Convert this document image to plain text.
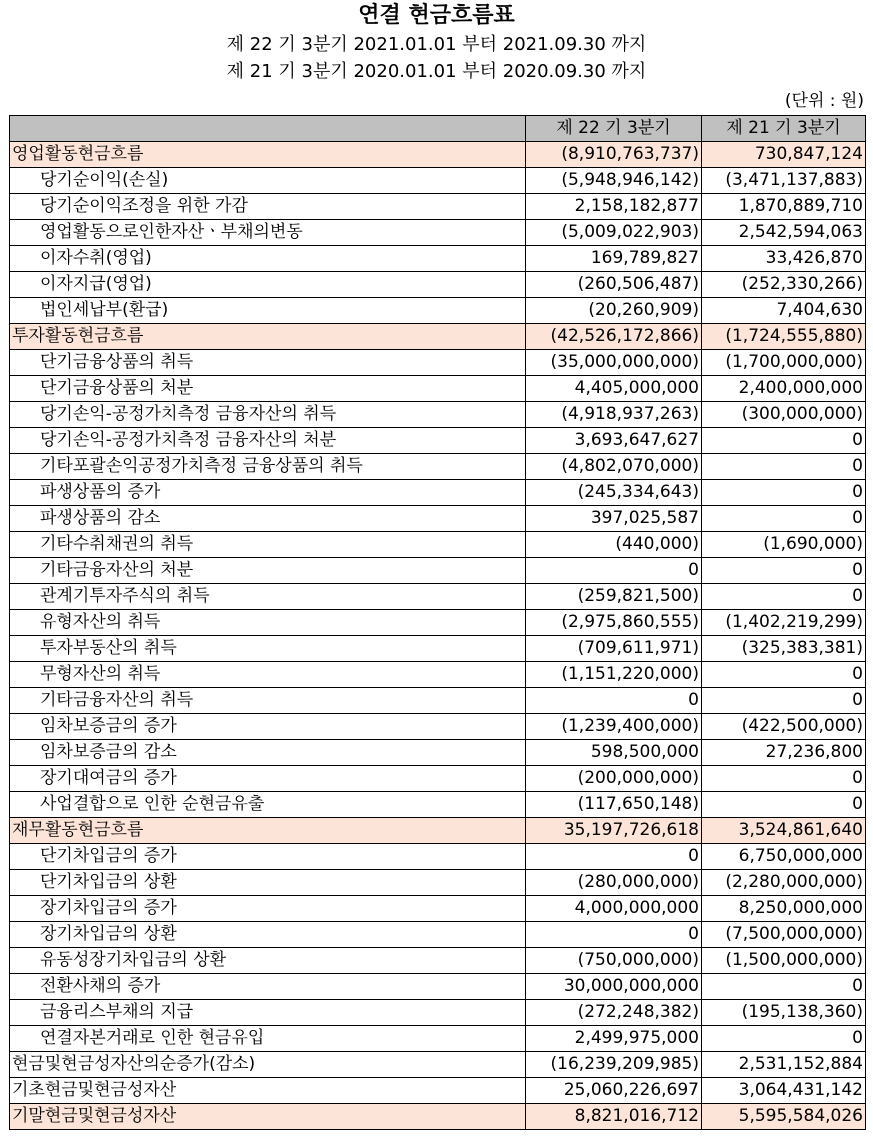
연결 현금흐름표
제 22 기 3분기 2021.01.01 부터 2021.09.30 까지
제 21 기 3분기 2020.01.01 부터 2020.09.30 까지
(단위 : 원)
	제 22 기 3분기	제 21 기 3분기
영업활동현금흐름	(8,910,763,737)	730,847,124
당기순이익(손실)	(5,948,946,142)	(3,471,137,883)
당기순이익조정을 위한 가감	2,158,182,877	1,870,889,710
영업활동으로인한자산ㆍ부채의변동	(5,009,022,903)	2,542,594,063
이자수취(영업)	169,789,827	33,426,870
이자지급(영업)	(260,506,487)	(252,330,266)
법인세납부(환급)	(20,260,909)	7,404,630
투자활동현금흐름	(42,526,172,866)	(1,724,555,880)
단기금융상품의 취득	(35,000,000,000)	(1,700,000,000)
단기금융상품의 처분	4,405,000,000	2,400,000,000
당기손익-공정가치측정 금융자산의 취득	(4,918,937,263)	(300,000,000)
당기손익-공정가치측정 금융자산의 처분	3,693,647,627	0
기타포괄손익공정가치측정 금융상품의 취득	(4,802,070,000)	0
파생상품의 증가	(245,334,643)	0
파생상품의 감소	397,025,587	0
기타수취채권의 취득	(440,000)	(1,690,000)
기타금융자산의 처분	0	0
관계기투자주식의 취득	(259,821,500)	0
유형자산의 취득	(2,975,860,555)	(1,402,219,299)
투자부동산의 취득	(709,611,971)	(325,383,381)
무형자산의 취득	(1,151,220,000)	0
기타금융자산의 취득	0	0
임차보증금의 증가	(1,239,400,000)	(422,500,000)
임차보증금의 감소	598,500,000	27,236,800
장기대여금의 증가	(200,000,000)	0
사업결합으로 인한 순현금유출	(117,650,148)	0
재무활동현금흐름	35,197,726,618	3,524,861,640
단기차입금의 증가	0	6,750,000,000
단기차입금의 상환	(280,000,000)	(2,280,000,000)
장기차입금의 증가	4,000,000,000	8,250,000,000
장기차입금의 상환	0	(7,500,000,000)
유동성장기차입금의 상환	(750,000,000)	(1,500,000,000)
전환사채의 증가	30,000,000,000	0
금융리스부채의 지급	(272,248,382)	(195,138,360)
연결자본거래로 인한 현금유입	2,499,975,000	0
현금및현금성자산의순증가(감소)	(16,239,209,985)	2,531,152,884
기초현금및현금성자산	25,060,226,697	3,064,431,142
기말현금및현금성자산	8,821,016,712	5,595,584,026
